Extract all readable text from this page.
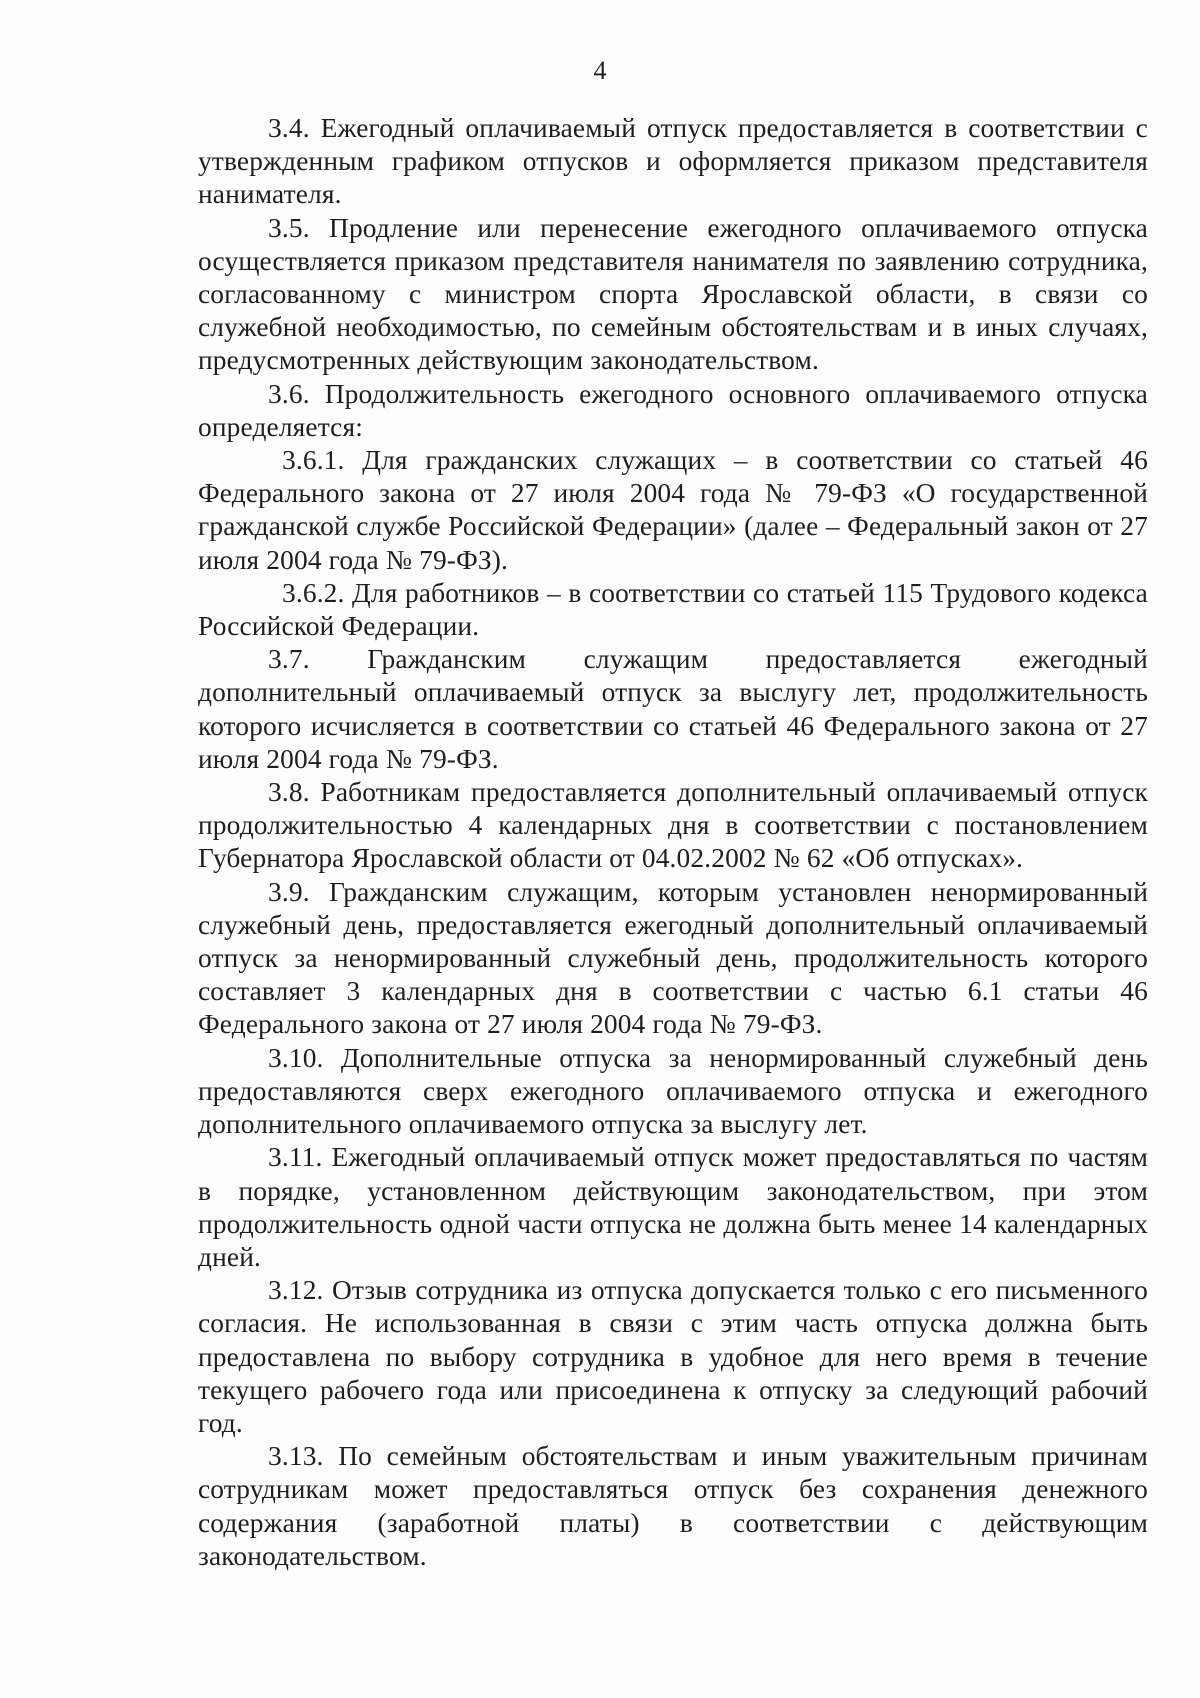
4

3.4. Ежегодный оплачиваемый отпуск предоставляется в соответствии с утвержденным графиком отпусков и оформляется приказом представителя нанимателя.

3.5. Продление или перенесение ежегодного оплачиваемого отпуска осуществляется приказом представителя нанимателя по заявлению сотрудника, согласованному с министром спорта Ярославской области, в связи со служебной необходимостью, по семейным обстоятельствам и в иных случаях, предусмотренных действующим законодательством.

3.6. Продолжительность ежегодного основного оплачиваемого отпуска определяется:

3.6.1. Для гражданских служащих – в соответствии со статьей 46 Федерального закона от 27 июля 2004 года № 79-ФЗ «О государственной гражданской службе Российской Федерации» (далее – Федеральный закон от 27 июля 2004 года № 79-ФЗ).

3.6.2. Для работников – в соответствии со статьей 115 Трудового кодекса Российской Федерации.

3.7. Гражданским служащим предоставляется ежегодный дополнительный оплачиваемый отпуск за выслугу лет, продолжительность которого исчисляется в соответствии со статьей 46 Федерального закона от 27 июля 2004 года № 79-ФЗ.

3.8. Работникам предоставляется дополнительный оплачиваемый отпуск продолжительностью 4 календарных дня в соответствии с постановлением Губернатора Ярославской области от 04.02.2002 № 62 «Об отпусках».

3.9. Гражданским служащим, которым установлен ненормированный служебный день, предоставляется ежегодный дополнительный оплачиваемый отпуск за ненормированный служебный день, продолжительность которого составляет 3 календарных дня в соответствии с частью 6.1 статьи 46 Федерального закона от 27 июля 2004 года № 79-ФЗ.

3.10. Дополнительные отпуска за ненормированный служебный день предоставляются сверх ежегодного оплачиваемого отпуска и ежегодного дополнительного оплачиваемого отпуска за выслугу лет.

3.11. Ежегодный оплачиваемый отпуск может предоставляться по частям в порядке, установленном действующим законодательством, при этом продолжительность одной части отпуска не должна быть менее 14 календарных дней.

3.12. Отзыв сотрудника из отпуска допускается только с его письменного согласия. Не использованная в связи с этим часть отпуска должна быть предоставлена по выбору сотрудника в удобное для него время в течение текущего рабочего года или присоединена к отпуску за следующий рабочий год.

3.13. По семейным обстоятельствам и иным уважительным причинам сотрудникам может предоставляться отпуск без сохранения денежного содержания (заработной платы) в соответствии с действующим законодательством.
